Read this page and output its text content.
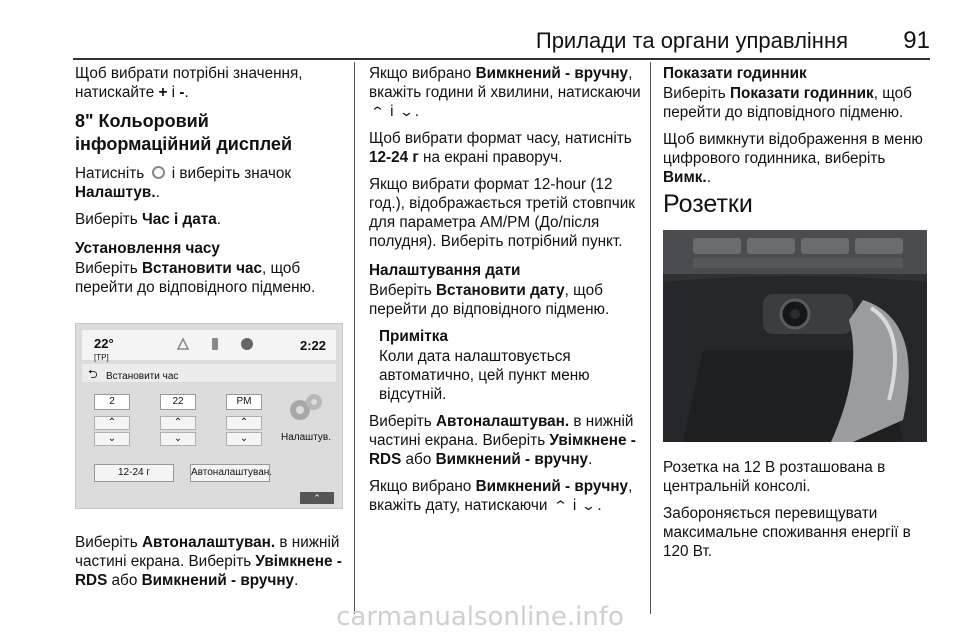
Прилади та органи управління 91

Щоб вибрати потрібні значення, натискайте + і -.

8" Кольоровий інформаційний дисплей

Натисніть  і виберіть значок Налаштув..

Виберіть Час і дата.

Установлення часу

Виберіть Встановити час, щоб перейти до відповідного підменю.

22°
[TP]
2:22
⮌ Встановити час
2	22	PM
⌃
⌄
⌃
⌄
⌃
⌄
12-24 г	Автоналаштуван.
Налаштув.
⌃

Виберіть Автоналаштуван. в нижній частині екрана. Виберіть Увімкнене - RDS або Вимкнений - вручну.

Якщо вибрано Вимкнений - вручну, вкажіть години й хвилини, натискаючи ⌃ і ⌄.

Щоб вибрати формат часу, натисніть 12-24 г на екрані праворуч.

Якщо вибрати формат 12-hour (12 год.), відображається третій стовпчик для параметра AM/PM (До/після полудня). Виберіть потрібний пункт.

Налаштування дати

Виберіть Встановити дату, щоб перейти до відповідного підменю.

Примітка

Коли дата налаштовується автоматично, цей пункт меню відсутній.

Виберіть Автоналаштуван. в нижній частині екрана. Виберіть Увімкнене - RDS або Вимкнений - вручну.

Якщо вибрано Вимкнений - вручну, вкажіть дату, натискаючи ⌃ і ⌄.

Показати годинник

Виберіть Показати годинник, щоб перейти до відповідного підменю.

Щоб вимкнути відображення в меню цифрового годинника, виберіть Вимк..

Розетки

Розетка на 12 В розташована в центральній консолі.

Забороняється перевищувати максимальне споживання енергії в 120 Вт.

carmanualsonline.info
